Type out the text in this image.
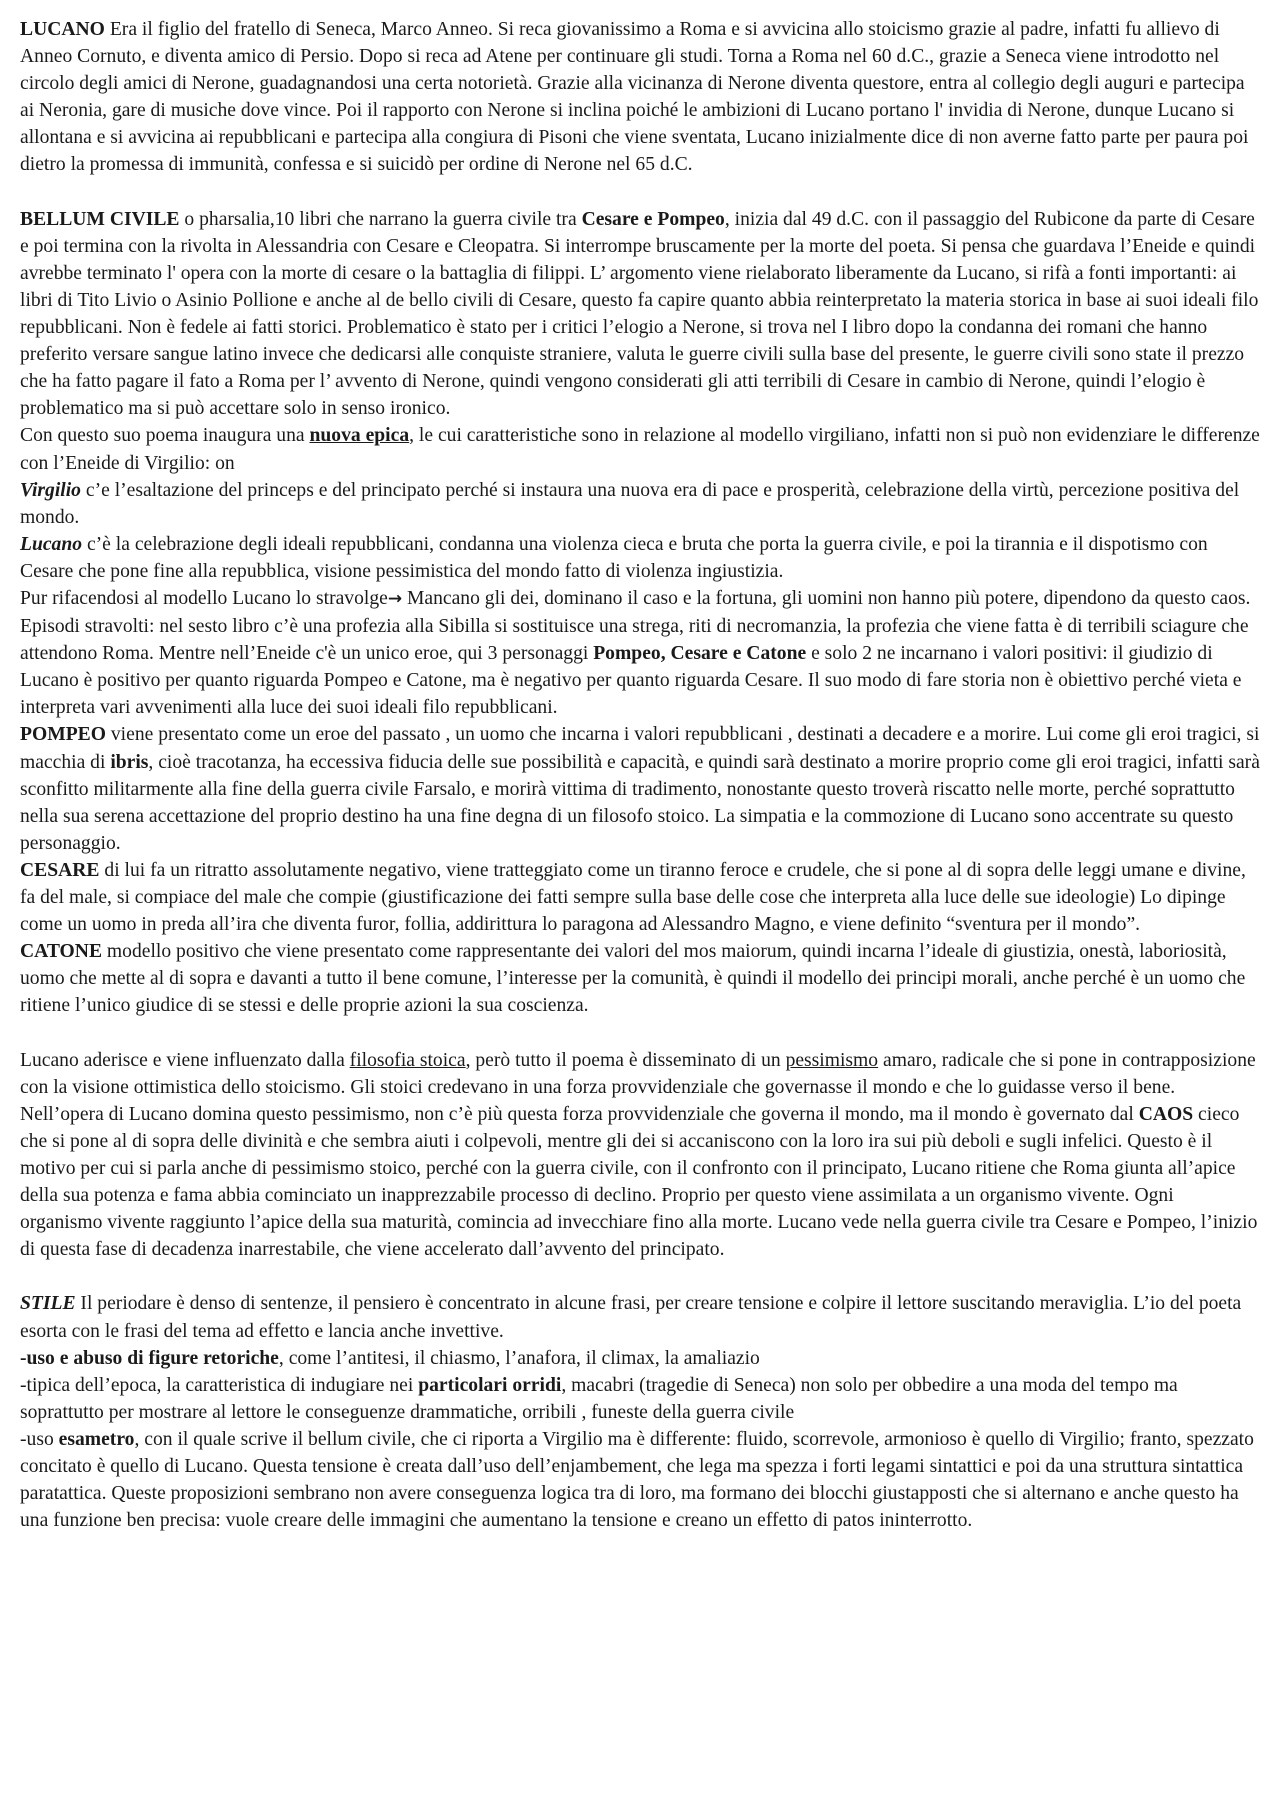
LUCANO Era il figlio del fratello di Seneca, Marco Anneo. Si reca giovanissimo a Roma e si avvicina allo stoicismo grazie al padre, infatti fu allievo di Anneo Cornuto, e diventa amico di Persio. Dopo si reca ad Atene per continuare gli studi. Torna a Roma nel 60 d.C., grazie a Seneca viene introdotto nel circolo degli amici di Nerone, guadagnandosi una certa notorietà. Grazie alla vicinanza di Nerone diventa questore, entra al collegio degli auguri e partecipa ai Neronia, gare di musiche dove vince. Poi il rapporto con Nerone si inclina poiché le ambizioni di Lucano portano l' invidia di Nerone, dunque Lucano si allontana e si avvicina ai repubblicani e partecipa alla congiura di Pisoni che viene sventata, Lucano inizialmente dice di non averne fatto parte per paura poi dietro la promessa di immunità, confessa e si suicidò per ordine di Nerone nel 65 d.C.

BELLUM CIVILE o pharsalia,10 libri che narrano la guerra civile tra Cesare e Pompeo, inizia dal 49 d.C. con il passaggio del Rubicone da parte di Cesare e poi termina con la rivolta in Alessandria con Cesare e Cleopatra. Si interrompe bruscamente per la morte del poeta. Si pensa che guardava l’Eneide e quindi avrebbe terminato l' opera con la morte di cesare o la battaglia di filippi. L’ argomento viene rielaborato liberamente da Lucano, si rifà a fonti importanti: ai libri di Tito Livio o Asinio Pollione e anche al de bello civili di Cesare, questo fa capire quanto abbia reinterpretato la materia storica in base ai suoi ideali filo repubblicani. Non è fedele ai fatti storici. Problematico è stato per i critici l’elogio a Nerone, si trova nel I libro dopo la condanna dei romani che hanno preferito versare sangue latino invece che dedicarsi alle conquiste straniere, valuta le guerre civili sulla base del presente, le guerre civili sono state il prezzo che ha fatto pagare il fato a Roma per l’ avvento di Nerone, quindi vengono considerati gli atti terribili di Cesare in cambio di Nerone, quindi l’elogio è problematico ma si può accettare solo in senso ironico.

Con questo suo poema inaugura una nuova epica, le cui caratteristiche sono in relazione al modello virgiliano, infatti non si può non evidenziare le differenze con l’Eneide di Virgilio: on

Virgilio c’e l’esaltazione del princeps e del principato perché si instaura una nuova era di pace e prosperità, celebrazione della virtù, percezione positiva del mondo.

Lucano c’è la celebrazione degli ideali repubblicani, condanna una violenza cieca e bruta che porta la guerra civile, e poi la tirannia e il dispotismo con Cesare che pone fine alla repubblica, visione pessimistica del mondo fatto di violenza ingiustizia.

Pur rifacendosi al modello Lucano lo stravolge→ Mancano gli dei, dominano il caso e la fortuna, gli uomini non hanno più potere, dipendono da questo caos. Episodi stravolti: nel sesto libro c’è una profezia alla Sibilla si sostituisce una strega, riti di necromanzia, la profezia che viene fatta è di terribili sciagure che attendono Roma. Mentre nell’Eneide c'è un unico eroe, qui 3 personaggi Pompeo, Cesare e Catone e solo 2 ne incarnano i valori positivi: il giudizio di Lucano è positivo per quanto riguarda Pompeo e Catone, ma è negativo per quanto riguarda Cesare. Il suo modo di fare storia non è obiettivo perché vieta e interpreta vari avvenimenti alla luce dei suoi ideali filo repubblicani.

POMPEO viene presentato come un eroe del passato , un uomo che incarna i valori repubblicani , destinati a decadere e a morire. Lui come gli eroi tragici, si macchia di ibris, cioè tracotanza, ha eccessiva fiducia delle sue possibilità e capacità, e quindi sarà destinato a morire proprio come gli eroi tragici, infatti sarà sconfitto militarmente alla fine della guerra civile Farsalo, e morirà vittima di tradimento, nonostante questo troverà riscatto nelle morte, perché soprattutto nella sua serena accettazione del proprio destino ha una fine degna di un filosofo stoico. La simpatia e la commozione di Lucano sono accentrate su questo personaggio.

CESARE di lui fa un ritratto assolutamente negativo, viene tratteggiato come un tiranno feroce e crudele, che si pone al di sopra delle leggi umane e divine, fa del male, si compiace del male che compie (giustificazione dei fatti sempre sulla base delle cose che interpreta alla luce delle sue ideologie) Lo dipinge come un uomo in preda all’ira che diventa furor, follia, addirittura lo paragona ad Alessandro Magno, e viene definito “sventura per il mondo”.

CATONE modello positivo che viene presentato come rappresentante dei valori del mos maiorum, quindi incarna l’ideale di giustizia, onestà, laboriosità, uomo che mette al di sopra e davanti a tutto il bene comune, l’interesse per la comunità, è quindi il modello dei principi morali, anche perché è un uomo che ritiene l’unico giudice di se stessi e delle proprie azioni la sua coscienza.

Lucano aderisce e viene influenzato dalla filosofia stoica, però tutto il poema è disseminato di un pessimismo amaro, radicale che si pone in contrapposizione con la visione ottimistica dello stoicismo. Gli stoici credevano in una forza provvidenziale che governasse il mondo e che lo guidasse verso il bene. Nell’opera di Lucano domina questo pessimismo, non c’è più questa forza provvidenziale che governa il mondo, ma il mondo è governato dal CAOS cieco che si pone al di sopra delle divinità e che sembra aiuti i colpevoli, mentre gli dei si accaniscono con la loro ira sui più deboli e sugli infelici. Questo è il motivo per cui si parla anche di pessimismo stoico, perché con la guerra civile, con il confronto con il principato, Lucano ritiene che Roma giunta all’apice della sua potenza e fama abbia cominciato un inapprezzabile processo di declino. Proprio per questo viene assimilata a un organismo vivente. Ogni organismo vivente raggiunto l’apice della sua maturità, comincia ad invecchiare fino alla morte. Lucano vede nella guerra civile tra Cesare e Pompeo, l’inizio di questa fase di decadenza inarrestabile, che viene accelerato dall’avvento del principato.

STILE Il periodare è denso di sentenze, il pensiero è concentrato in alcune frasi, per creare tensione e colpire il lettore suscitando meraviglia. L’io del poeta esorta con le frasi del tema ad effetto e lancia anche invettive.

-uso e abuso di figure retoriche, come l’antitesi, il chiasmo, l’anafora, il climax, la amaliazio

-tipica dell’epoca, la caratteristica di indugiare nei particolari orridi, macabri (tragedie di Seneca) non solo per obbedire a una moda del tempo ma soprattutto per mostrare al lettore le conseguenze drammatiche, orribili , funeste della guerra civile

-uso esametro, con il quale scrive il bellum civile, che ci riporta a Virgilio ma è differente: fluido, scorrevole, armonioso è quello di Virgilio; franto, spezzato concitato è quello di Lucano. Questa tensione è creata dall’uso dell’enjambement, che lega ma spezza i forti legami sintattici e poi da una struttura sintattica paratattica. Queste proposizioni sembrano non avere conseguenza logica tra di loro, ma formano dei blocchi giustapposti che si alternano e anche questo ha una funzione ben precisa: vuole creare delle immagini che aumentano la tensione e creano un effetto di patos ininterrotto.
